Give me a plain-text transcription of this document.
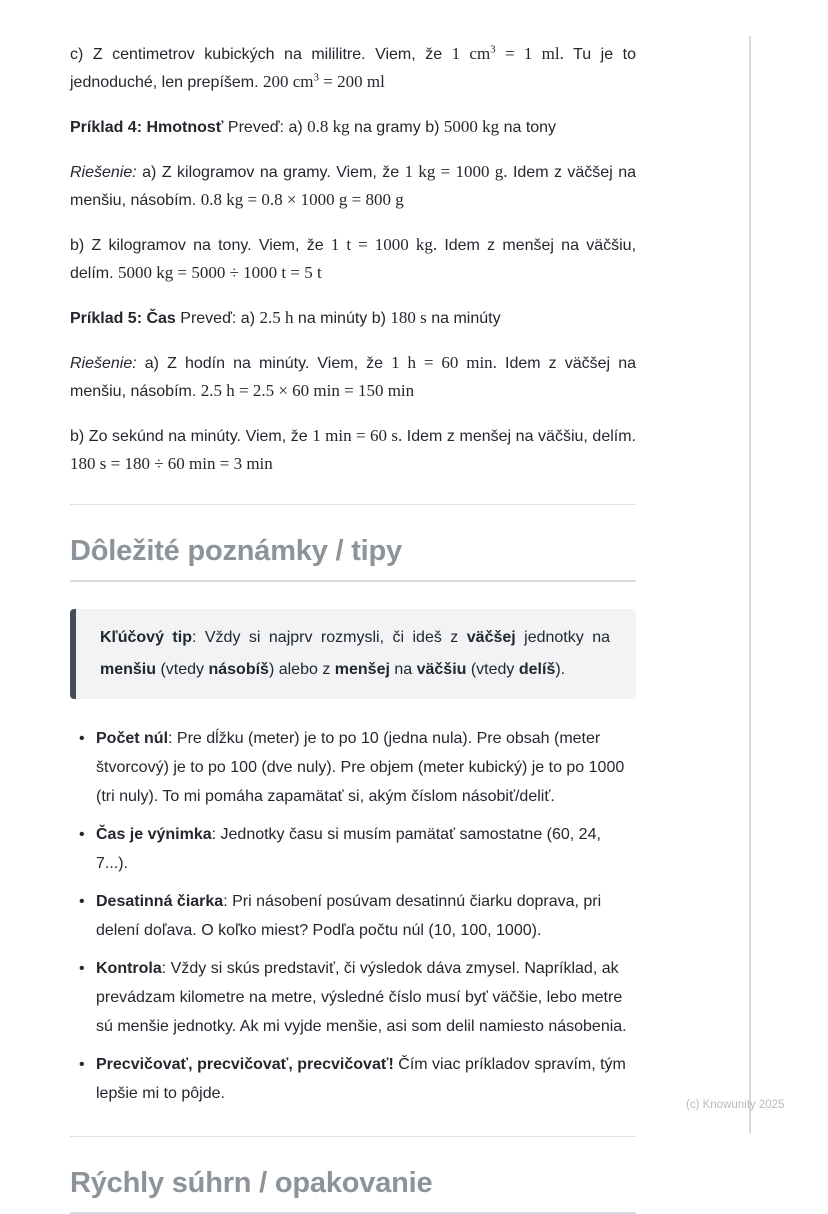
c) Z centimetrov kubických na mililitre. Viem, že 1 $cm^3 = 1$ ml. Tu je to jednoduché, len prepíšem. 200 $cm^3 = 200$ ml

Príklad 4: Hmotnosť Preveď: a) 0.8 kg na gramy b) 5000 kg na tony

Riešenie: a) Z kilogramov na gramy. Viem, že 1 kg = 1000 g. Idem z väčšej na menšiu, násobím. 0.8 kg = 0.8 × 1000 g = 800 g

b) Z kilogramov na tony. Viem, že 1 t = 1000 kg. Idem z menšej na väčšiu, delím. 5000 kg = 5000 ÷ 1000 t = 5 t

Príklad 5: Čas Preveď: a) 2.5 h na minúty b) 180 s na minúty

Riešenie: a) Z hodín na minúty. Viem, že 1 h = 60 min. Idem z väčšej na menšiu, násobím. 2.5 h = 2.5 × 60 min = 150 min

b) Zo sekúnd na minúty. Viem, že 1 min = 60 s. Idem z menšej na väčšiu, delím. 180 s = 180 ÷ 60 min = 3 min

Dôležité poznámky / tipy
Kľúčový tip: Vždy si najprv rozmysli, či ideš z väčšej jednotky na menšiu (vtedy násobíš) alebo z menšej na väčšiu (vtedy delíš).
• Počet núl: Pre dĺžku (meter) je to po 10 (jedna nula). Pre obsah (meter štvorcový) je to po 100 (dve nuly). Pre objem (meter kubický) je to po 1000 (tri nuly). To mi pomáha zapamätať si, akým číslom násobiť/deliť.
• Čas je výnimka: Jednotky času si musím pamätať samostatne (60, 24, 7...).
• Desatinná čiarka: Pri násobení posúvam desatinnú čiarku doprava, pri delení doľava. O koľko miest? Podľa počtu núl (10, 100, 1000).
• Kontrola: Vždy si skús predstaviť, či výsledok dáva zmysel. Napríklad, ak prevádzam kilometre na metre, výsledné číslo musí byť väčšie, lebo metre sú menšie jednotky. Ak mi vyjde menšie, asi som delil namiesto násobenia.
• Precvičovať, precvičovať, precvičovať! Čím viac príkladov spravím, tým lepšie mi to pôjde.
Rýchly súhrn / opakovanie
(c) Knowunity 2025
